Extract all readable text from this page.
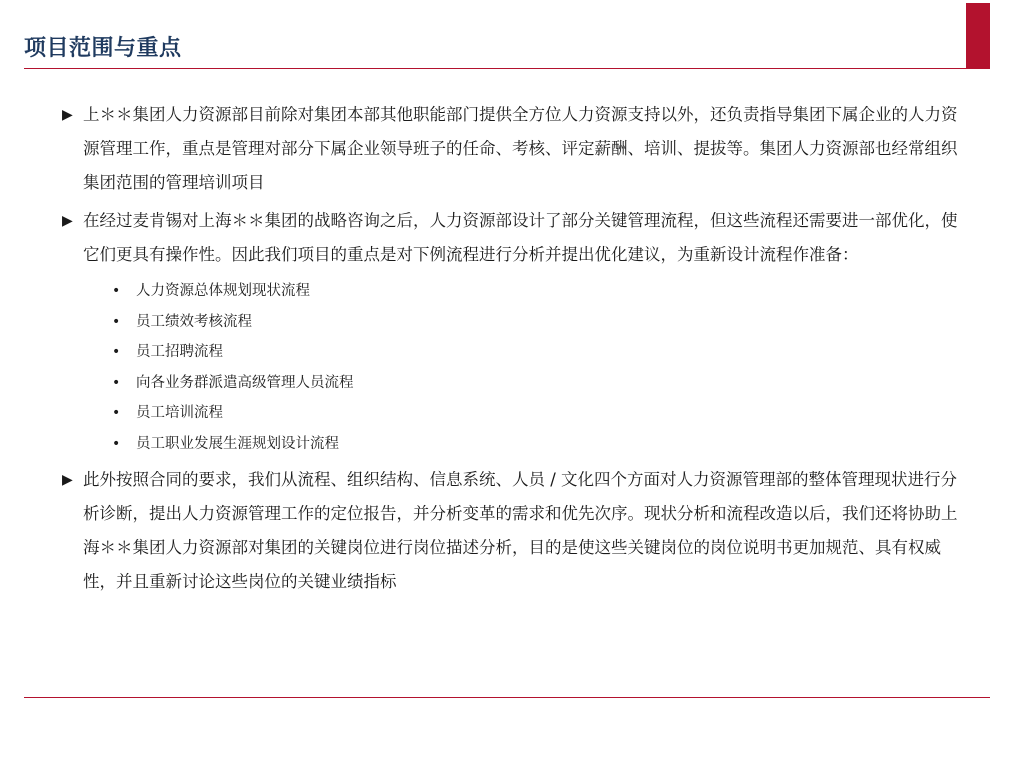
项目范围与重点

▶ 上＊＊集团人力资源部目前除对集团本部其他职能部门提供全方位人力资源支持以外，还负责指导集团下属企业的人力资源管理工作，重点是管理对部分下属企业领导班子的任命、考核、评定薪酬、培训、提拔等。集团人力资源部也经常组织集团范围的管理培训项目

▶ 在经过麦肯锡对上海＊＊集团的战略咨询之后，人力资源部设计了部分关键管理流程，但这些流程还需要进一部优化，使它们更具有操作性。因此我们项目的重点是对下例流程进行分析并提出优化建议，为重新设计流程作准备：

• 人力资源总体规划现状流程
• 员工绩效考核流程
• 员工招聘流程
• 向各业务群派遣高级管理人员流程
• 员工培训流程
• 员工职业发展生涯规划设计流程

▶ 此外按照合同的要求，我们从流程、组织结构、信息系统、人员 / 文化四个方面对人力资源管理部的整体管理现状进行分析诊断，提出人力资源管理工作的定位报告，并分析变革的需求和优先次序。现状分析和流程改造以后，我们还将协助上海＊＊集团人力资源部对集团的关键岗位进行岗位描述分析，目的是使这些关键岗位的岗位说明书更加规范、具有权威性，并且重新讨论这些岗位的关键业绩指标
